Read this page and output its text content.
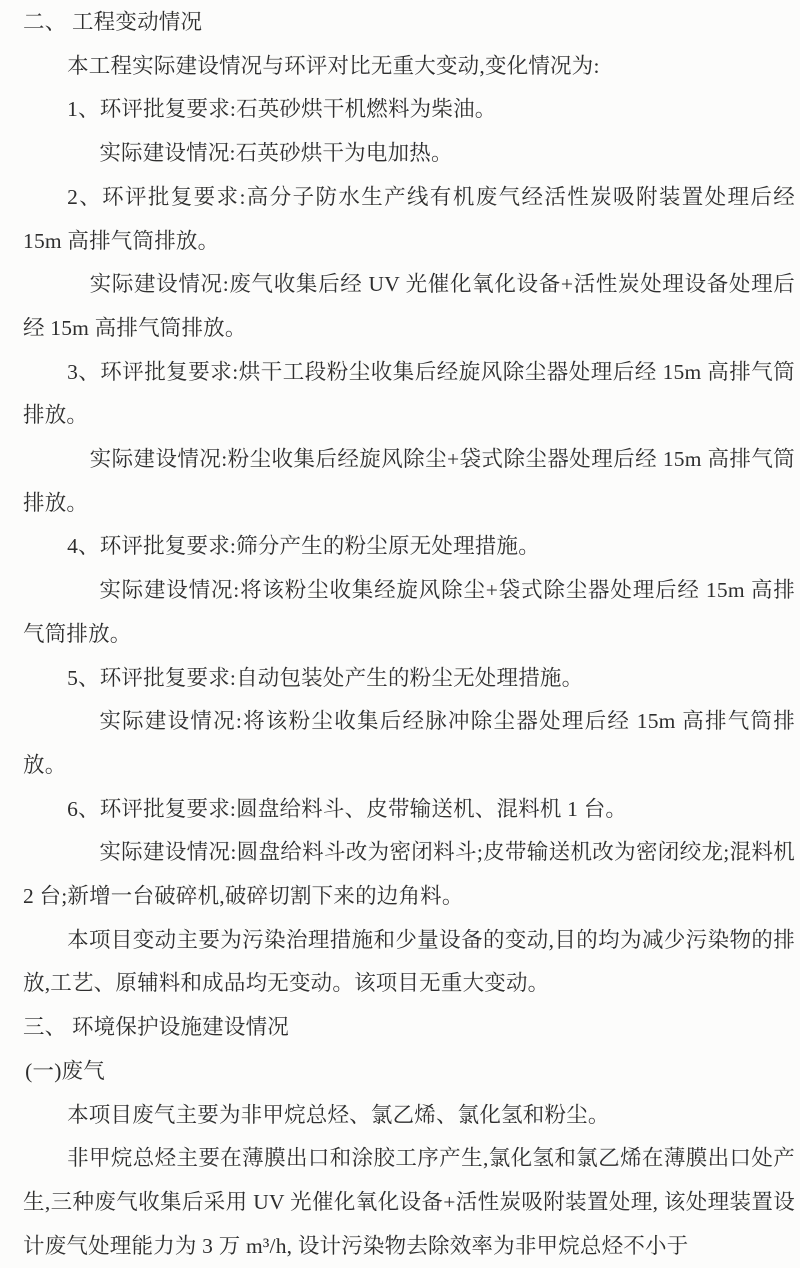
二、 工程变动情况

本工程实际建设情况与环评对比无重大变动,变化情况为:

1、环评批复要求:石英砂烘干机燃料为柴油。

实际建设情况:石英砂烘干为电加热。

2、环评批复要求:高分子防水生产线有机废气经活性炭吸附装置处理后经 15m 高排气筒排放。

实际建设情况:废气收集后经 UV 光催化氧化设备+活性炭处理设备处理后经 15m 高排气筒排放。

3、环评批复要求:烘干工段粉尘收集后经旋风除尘器处理后经 15m 高排气筒排放。

实际建设情况:粉尘收集后经旋风除尘+袋式除尘器处理后经 15m 高排气筒排放。

4、环评批复要求:筛分产生的粉尘原无处理措施。

实际建设情况:将该粉尘收集经旋风除尘+袋式除尘器处理后经 15m 高排气筒排放。

5、环评批复要求:自动包装处产生的粉尘无处理措施。

实际建设情况:将该粉尘收集后经脉冲除尘器处理后经 15m 高排气筒排放。

6、环评批复要求:圆盘给料斗、皮带输送机、混料机 1 台。

实际建设情况:圆盘给料斗改为密闭料斗;皮带输送机改为密闭绞龙;混料机 2 台;新增一台破碎机,破碎切割下来的边角料。

本项目变动主要为污染治理措施和少量设备的变动,目的均为减少污染物的排放,工艺、原辅料和成品均无变动。该项目无重大变动。

三、 环境保护设施建设情况

(一)废气

本项目废气主要为非甲烷总烃、氯乙烯、氯化氢和粉尘。

非甲烷总烃主要在薄膜出口和涂胶工序产生,氯化氢和氯乙烯在薄膜出口处产生,三种废气收集后采用 UV 光催化氧化设备+活性炭吸附装置处理, 该处理装置设计废气处理能力为 3 万 m³/h, 设计污染物去除效率为非甲烷总烃不小于
